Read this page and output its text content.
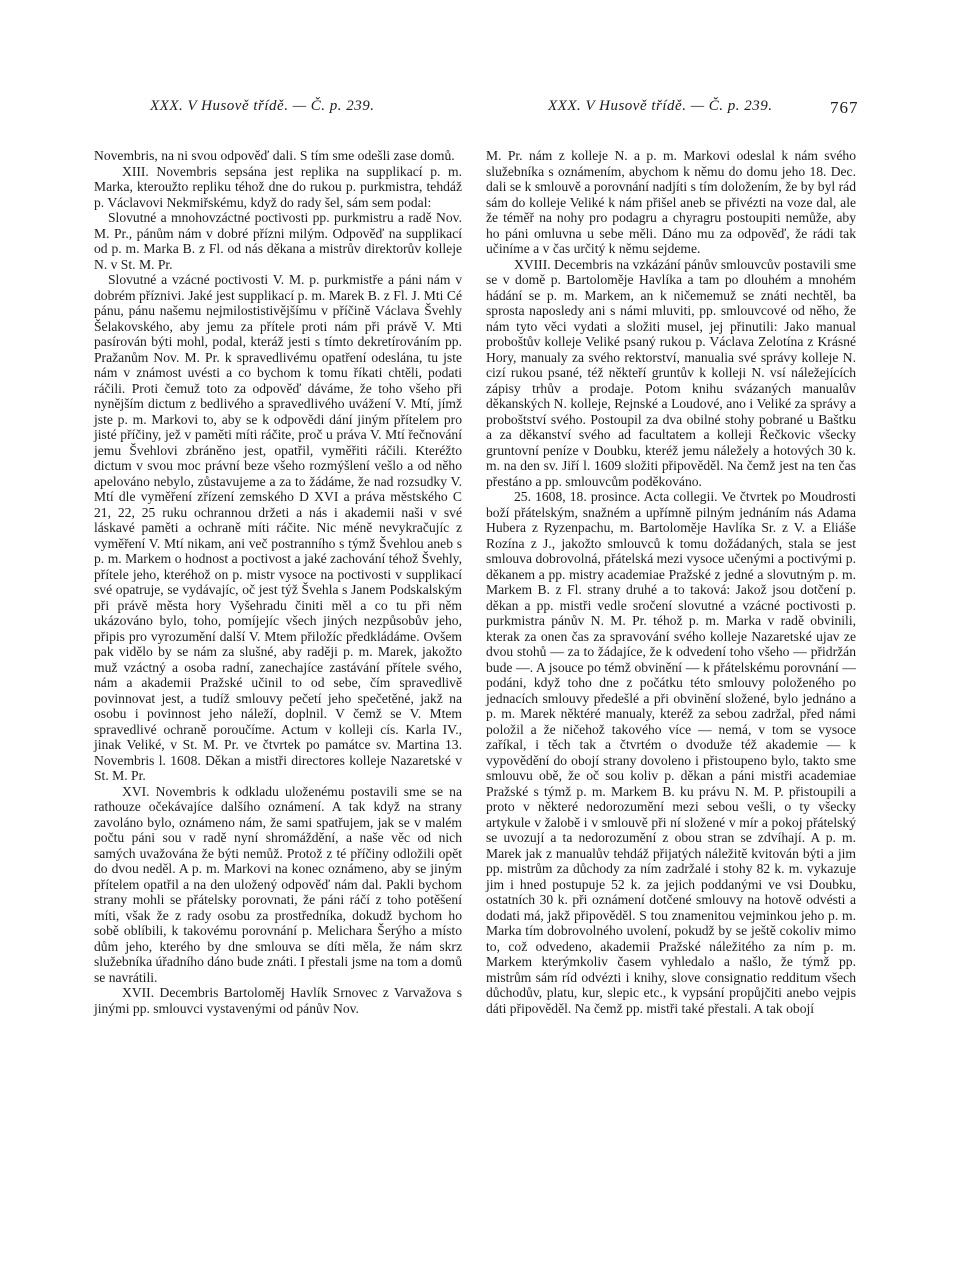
XXX. V Husově třídě. — Č. p. 239.	XXX. V Husově třídě. — Č. p. 239.	767

Novembris, na ni svou odpověď dali. S tím sme odešli zase domů.

XIII. Novembris sepsána jest replika na supplikací p. m. Marka, kteroužto repliku téhož dne do rukou p. purkmistra, tehdáž p. Václavovi Nekmiřskému, když do rady šel, sám sem podal:

Slovutné a mnohovzáctné poctivosti pp. purkmistru a radě Nov. M. Pr., pánům nám v dobré přízni milým. Odpověď na supplikací od p. m. Marka B. z Fl. od nás děkana a mistrův direktorův kolleje N. v St. M. Pr.

Slovutné a vzácné poctivosti V. M. p. purkmistře a páni nám v dobrém příznivi. Jaké jest supplikací p. m. Marek B. z Fl. J. Mti Cé pánu, pánu našemu nejmilostistivějšímu v příčině Václava Švehly Šelakovského, aby jemu za přítele proti nám při právě V. Mti pasírován býti mohl, podal, kteráž jesti s tímto dekretírováním pp. Pražanům Nov. M. Pr. k spravedlivému opatření odeslána, tu jste nám v známost uvésti a co bychom k tomu říkati chtěli, podati ráčili. Proti čemuž toto za odpověď dáváme, že toho všeho při nynějším dictum z bedlivého a spravedlivého uvážení V. Mtí, jímž jste p. m. Markovi to, aby se k odpovědi dání jiným přítelem pro jisté příčiny, jež v paměti míti ráčite, proč u práva V. Mtí řečnování jemu Švehlovi zbráněno jest, opatřil, vyměřiti ráčili. Kteréžto dictum v svou moc právní beze všeho rozmýšlení vešlo a od něho apelováno nebylo, zůstavujeme a za to žádáme, že nad rozsudky V. Mtí dle vyměření zřízení zemského D XVI a práva městského C 21, 22, 25 ruku ochrannou držeti a nás i akademii naši v své láskavé paměti a ochraně míti ráčite. Nic méně nevykračujíc z vyměření V. Mtí nikam, ani več postranního s týmž Švehlou aneb s p. m. Markem o hodnost a poctivost a jaké zachování téhož Švehly, přítele jeho, kteréhož on p. mistr vysoce na poctivosti v supplikací své opatruje, se vydávajíc, oč jest týž Švehla s Janem Podskalským při právě města hory Vyšehradu činiti měl a co tu při něm ukázováno bylo, toho, pomíjejíc všech jiných nezpůsobův jeho, připis pro vyrozumění další V. Mtem přiložíc předkládáme. Ovšem pak vidělo by se nám za slušné, aby raději p. m. Marek, jakožto muž vzáctný a osoba radní, zanechajíce zastávání přítele svého, nám a akademii Pražské učinil to od sebe, čím spravedlivě povinnovat jest, a tudíž smlouvy pečetí jeho spečetěné, jakž na osobu i povinnost jeho náleží, doplnil. V čemž se V. Mtem spravedlivé ochraně poroučíme. Actum v kolleji cís. Karla IV., jinak Veliké, v St. M. Pr. ve čtvrtek po památce sv. Martina 13. Novembris l. 1608. Děkan a mistři directores kolleje Nazaretské v St. M. Pr.

XVI. Novembris k odkladu uloženému postavili sme se na rathouze očekávajíce dalšího oznámení. A tak když na strany zavoláno bylo, oznámeno nám, že sami spatřujem, jak se v malém počtu páni sou v radě nyní shromáždění, a naše věc od nich samých uvažována že býti nemůž. Protož z té příčiny odložili opět do dvou neděl. A p. m. Markovi na konec oznámeno, aby se jiným přítelem opatřil a na den uložený odpověď nám dal. Pakli bychom strany mohli se přátelsky porovnati, že páni ráčí z toho potěšení míti, však že z rady osobu za prostředníka, dokudž bychom ho sobě oblíbili, k takovému porovnání p. Melichara Šerýho a místo dům jeho, kterého by dne smlouva se díti měla, že nám skrz služebníka úřadního dáno bude znáti. I přestali jsme na tom a domů se navrátili.

XVII. Decembris Bartoloměj Havlík Srnovec z Varvažova s jinými pp. smlouvci vystavenými od pánův Nov.

M. Pr. nám z kolleje N. a p. m. Markovi odeslal k nám svého služebníka s oznámením, abychom k němu do domu jeho 18. Dec. dali se k smlouvě a porovnání nadjíti s tím doložením, že by byl rád sám do kolleje Veliké k nám přišel aneb se přivézti na voze dal, ale že téměř na nohy pro podagru a chyragru postoupiti nemůže, aby ho páni omluvna u sebe měli. Dáno mu za odpověď, že rádi tak učiníme a v čas určitý k němu sejdeme.

XVIII. Decembris na vzkázání pánův smlouvcův postavili sme se v domě p. Bartoloměje Havlíka a tam po dlouhém a mnohém hádání se p. m. Markem, an k ničememuž se znáti nechtěl, ba sprosta naposledy ani s námi mluviti, pp. smlouvcové od něho, že nám tyto věci vydati a složiti musel, jej přinutili: Jako manual proboštův kolleje Veliké psaný rukou p. Václava Zelotína z Krásné Hory, manualy za svého rektorství, manualia své správy kolleje N. cizí rukou psané, též někteří gruntův k kolleji N. vsí náležejících zápisy trhův a prodaje. Potom knihu svázaných manualův děkanských N. kolleje, Rejnské a Loudové, ano i Veliké za správy a proboštství svého. Postoupil za dva obilné stohy pobrané u Baštku a za děkanství svého ad facultatem a kolleji Řečkovic všecky gruntovní peníze v Doubku, kteréž jemu náležely a hotových 30 k. m. na den sv. Jiří l. 1609 složiti připověděl. Na čemž jest na ten čas přestáno a pp. smlouvcům poděkováno.

25. 1608, 18. prosince. Acta collegii. Ve čtvrtek po Moudrosti boží přátelským, snažném a upřímně pilným jednáním nás Adama Hubera z Ryzenpachu, m. Bartoloměje Havlíka Sr. z V. a Eliáše Rozína z J., jakožto smlouvců k tomu dožádaných, stala se jest smlouva dobrovolná, přátelská mezi vysoce učenými a poctivými p. děkanem a pp. mistry academiae Pražské z jedné a slovutným p. m. Markem B. z Fl. strany druhé a to taková: Jakož jsou dotčení p. děkan a pp. mistři vedle sročení slovutné a vzácné poctivosti p. purkmistra pánův N. M. Pr. téhož p. m. Marka v radě obvinili, kterak za onen čas za spravování svého kolleje Nazaretské ujav ze dvou stohů — za to žádajíce, že k odvedení toho všeho — přidržán bude —. A jsouce po témž obvinění — k přátelskému porovnání — podáni, když toho dne z počátku této smlouvy položeného po jednacích smlouvy předešlé a při obvinění složené, bylo jednáno a p. m. Marek něktéré manualy, kteréž za sebou zadržal, před námi položil a že ničehož takového více — nemá, v tom se vysoce zaříkal, i těch tak a čtvrtém o dvoduže též akademie — k vypovědění do obojí strany dovoleno i přistoupeno bylo, takto sme smlouvu obě, že oč sou koliv p. děkan a páni mistři academiae Pražské s týmž p. m. Markem B. ku právu N. M. P. přistoupili a proto v některé nedorozumění mezi sebou vešli, o ty všecky artykule v žalobě i v smlouvě při ní složené v mír a pokoj přátelský se uvozují a ta nedorozumění z obou stran se zdvíhají. A p. m. Marek jak z manualův tehdáž přijatých náležitě kvitován býti a jim pp. mistrům za důchody za ním zadržalé i stohy 82 k. m. vykazuje jim i hned postupuje 52 k. za jejich poddanými ve vsi Doubku, ostatních 30 k. při oznámení dotčené smlouvy na hotově odvésti a dodati má, jakž připověděl. S tou znamenitou vejminkou jeho p. m. Marka tím dobrovolného uvolení, pokudž by se ještě cokoliv mimo to, což odvedeno, akademii Pražské náležitého za ním p. m. Markem kterýmkoliv časem vyhledalo a našlo, že týmž pp. mistrům sám ríd odvézti i knihy, slove consignatio redditum všech důchodův, platu, kur, slepic etc., k vypsání propůjčiti anebo vejpis dáti připověděl. Na čemž pp. mistři také přestali. A tak obojí
